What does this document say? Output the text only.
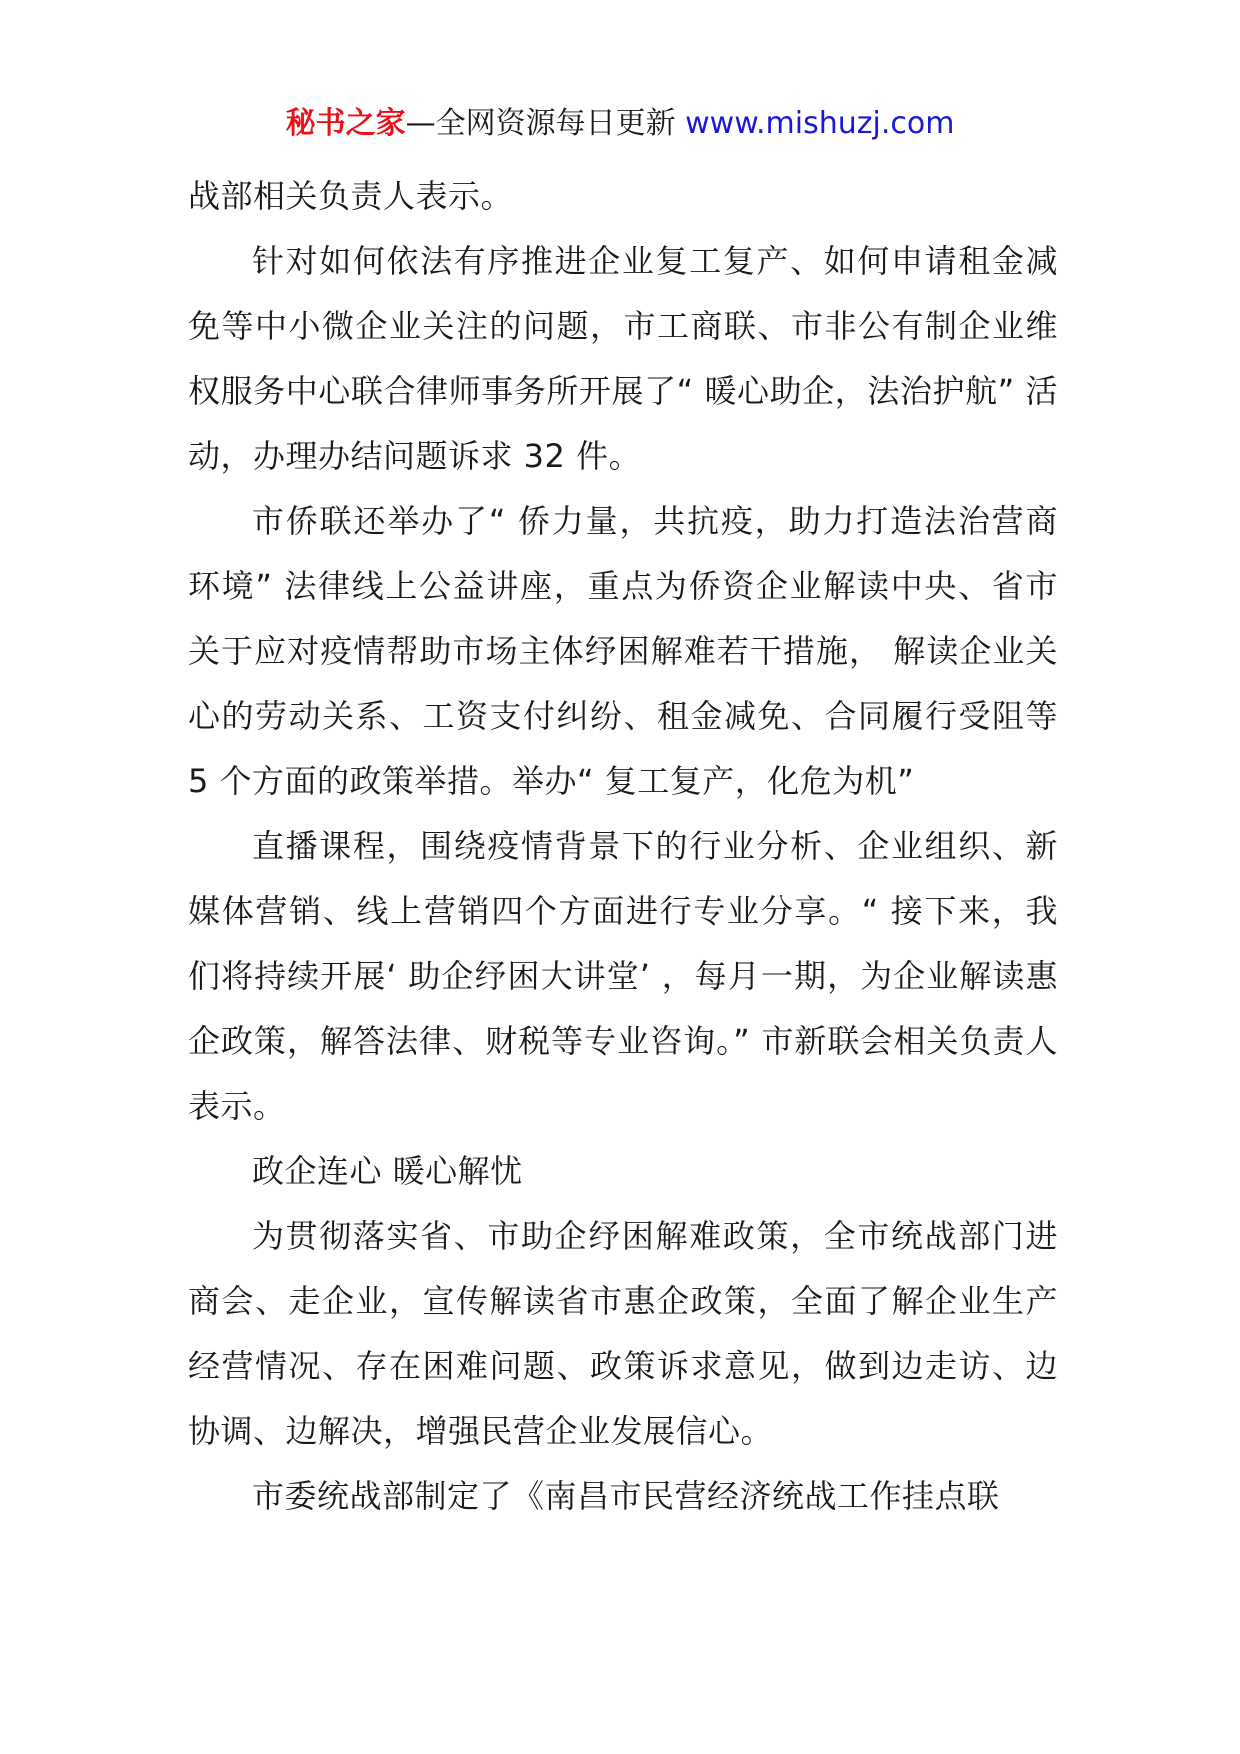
秘书之家—全网资源每日更新 www.mishuzj.com

战部相关负责人表示。

针对如何依法有序推进企业复工复产、如何申请租金减免等中小微企业关注的问题，市工商联、市非公有制企业维权服务中心联合律师事务所开展了“ 暖心助企，法治护航” 活动，办理办结问题诉求 32 件。

市侨联还举办了“ 侨力量，共抗疫，助力打造法治营商环境” 法律线上公益讲座，重点为侨资企业解读中央、省市关于应对疫情帮助市场主体纾困解难若干措施， 解读企业关心的劳动关系、工资支付纠纷、租金减免、合同履行受阻等 5 个方面的政策举措。举办“ 复工复产，化危为机”

直播课程，围绕疫情背景下的行业分析、企业组织、新媒体营销、线上营销四个方面进行专业分享。“ 接下来，我们将持续开展‘ 助企纾困大讲堂’ ，每月一期，为企业解读惠企政策，解答法律、财税等专业咨询。” 市新联会相关负责人表示。

政企连心 暖心解忧

为贯彻落实省、市助企纾困解难政策，全市统战部门进商会、走企业，宣传解读省市惠企政策，全面了解企业生产经营情况、存在困难问题、政策诉求意见，做到边走访、边协调、边解决，增强民营企业发展信心。

市委统战部制定了《南昌市民营经济统战工作挂点联
